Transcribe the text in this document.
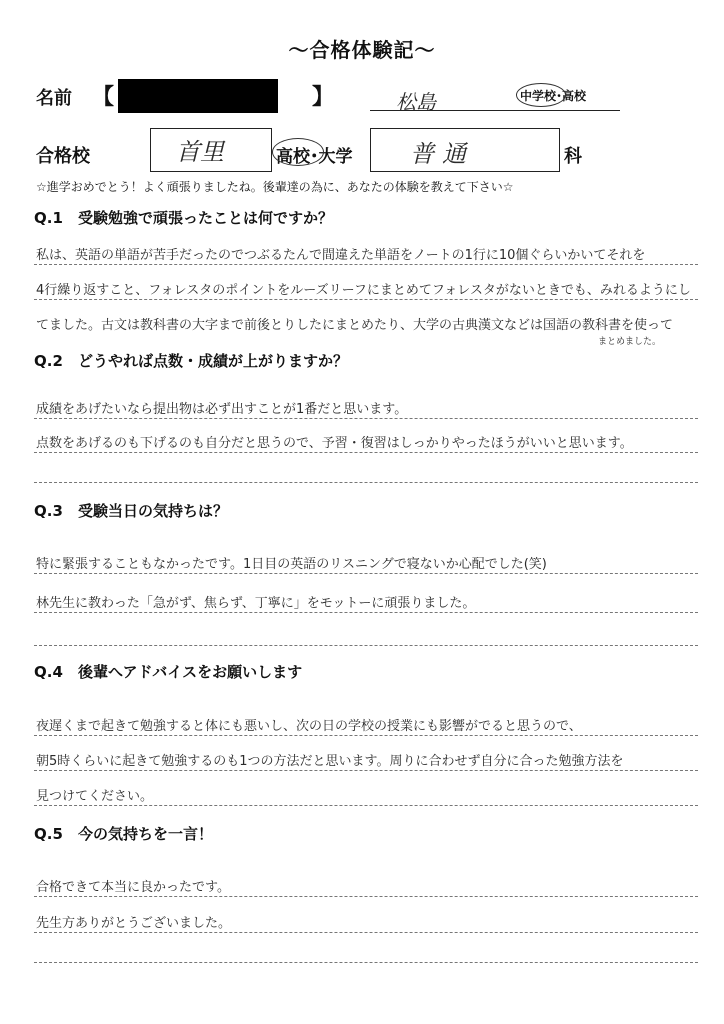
〜合格体験記〜
名前 【	】	松島	中学校･高校
合格校	首里	高校･大学 普通	科
☆進学おめでとう！よく頑張りましたね。後輩達の為に、あなたの体験を教えて下さい☆
Q.1 受験勉強で頑張ったことは何ですか？
私は、英語の単語が苦手だったのでつぶるたんで間違えた単語をノートの1行に10個ぐらいかいてそれを
4行繰り返すこと、フォレスタのポイントをルーズリーフにまとめてフォレスタがないときでも、みれるようにし
てました。古文は教科書の大字まで前後とりしたにまとめたり、大学の古典漢文などは国語の教科書を使って
まとめました。
Q.2 どうやれば点数・成績が上がりますか？
成績をあげたいなら提出物は必ず出すことが1番だと思います。
点数をあげるのも下げるのも自分だと思うので、予習・復習はしっかりやったほうがいいと思います。
Q.3 受験当日の気持ちは？
特に緊張することもなかったです。1日目の英語のリスニングで寝ないか心配でした(笑)
林先生に教わった「急がず、焦らず、丁寧に」をモットーに頑張りました。
Q.4 後輩へアドバイスをお願いします
夜遅くまで起きて勉強すると体にも悪いし、次の日の学校の授業にも影響がでると思うので、
朝5時くらいに起きて勉強するのも1つの方法だと思います。周りに合わせず自分に合った勉強方法を
見つけてください。
Q.5 今の気持ちを一言！
合格できて本当に良かったです。
先生方ありがとうございました。
